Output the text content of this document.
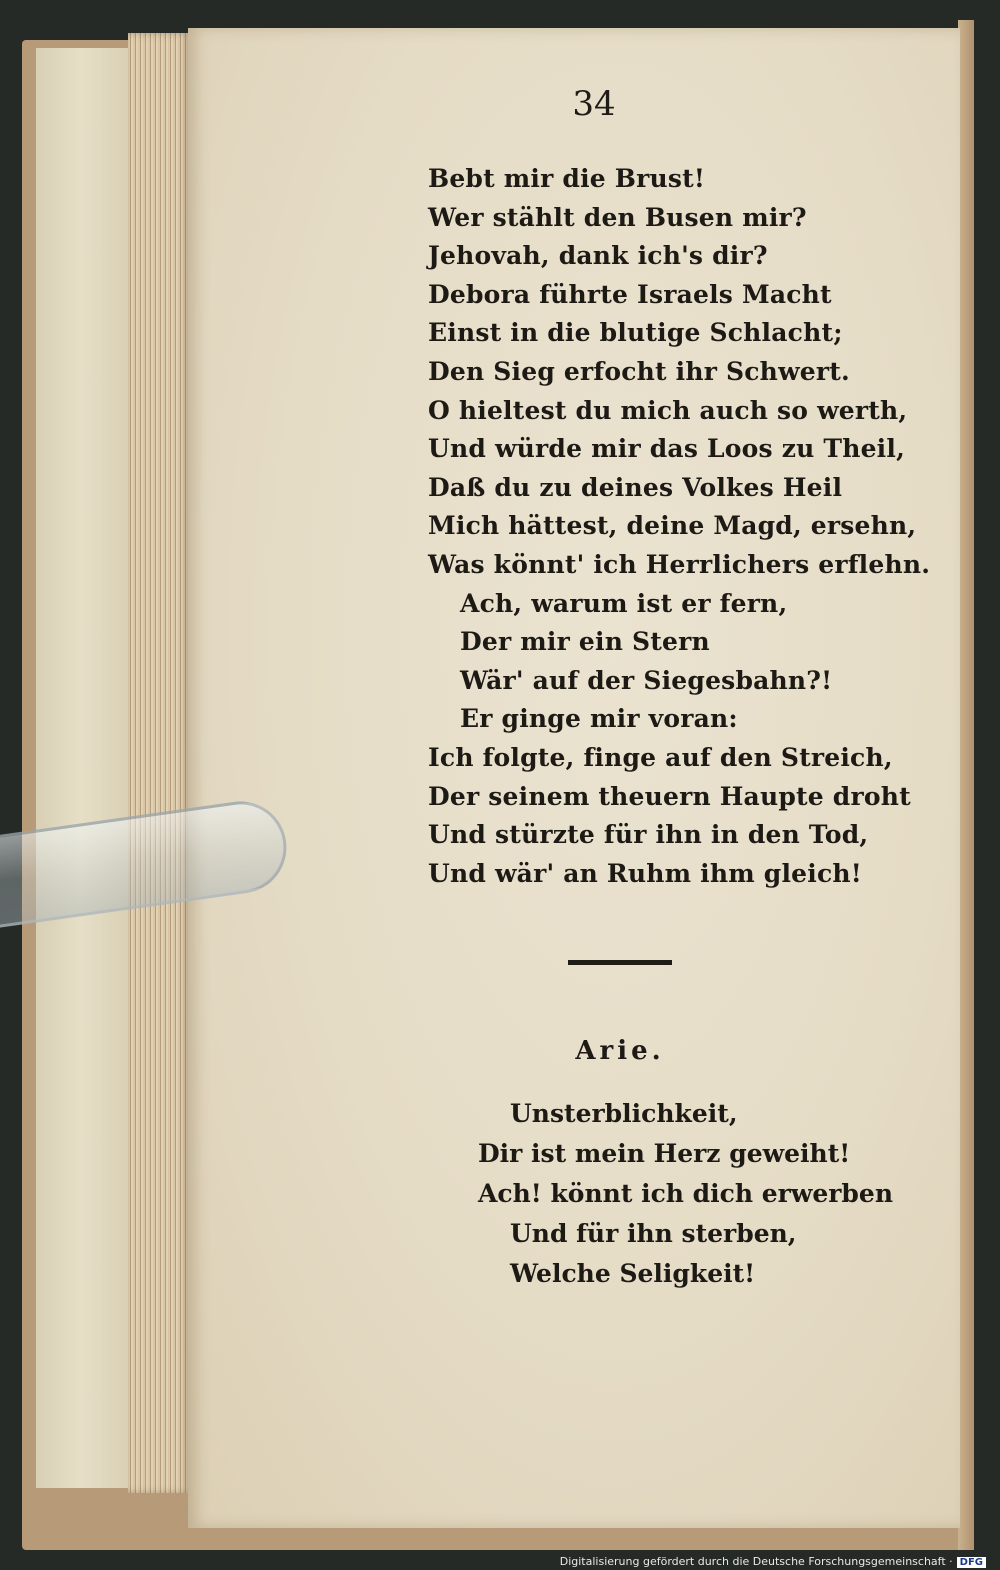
34
Bebt mir die Brust!
Wer stählt den Busen mir?
Jehovah, dank ich's dir?
Debora führte Israels Macht
Einst in die blutige Schlacht;
Den Sieg erfocht ihr Schwert.
O hieltest du mich auch so werth,
Und würde mir das Loos zu Theil,
Daß du zu deines Volkes Heil
Mich hättest, deine Magd, ersehn,
Was könnt' ich Herrlichers erflehn.
Ach, warum ist er fern,
Der mir ein Stern
Wär' auf der Siegesbahn?!
Er ginge mir voran:
Ich folgte, finge auf den Streich,
Der seinem theuern Haupte droht
Und stürzte für ihn in den Tod,
Und wär' an Ruhm ihm gleich!
Arie.
Unsterblichkeit,
Dir ist mein Herz geweiht!
Ach! könnt ich dich erwerben
Und für ihn sterben,
Welche Seligkeit!
Digitalisierung gefördert durch die Deutsche Forschungsgemeinschaft · DFG
